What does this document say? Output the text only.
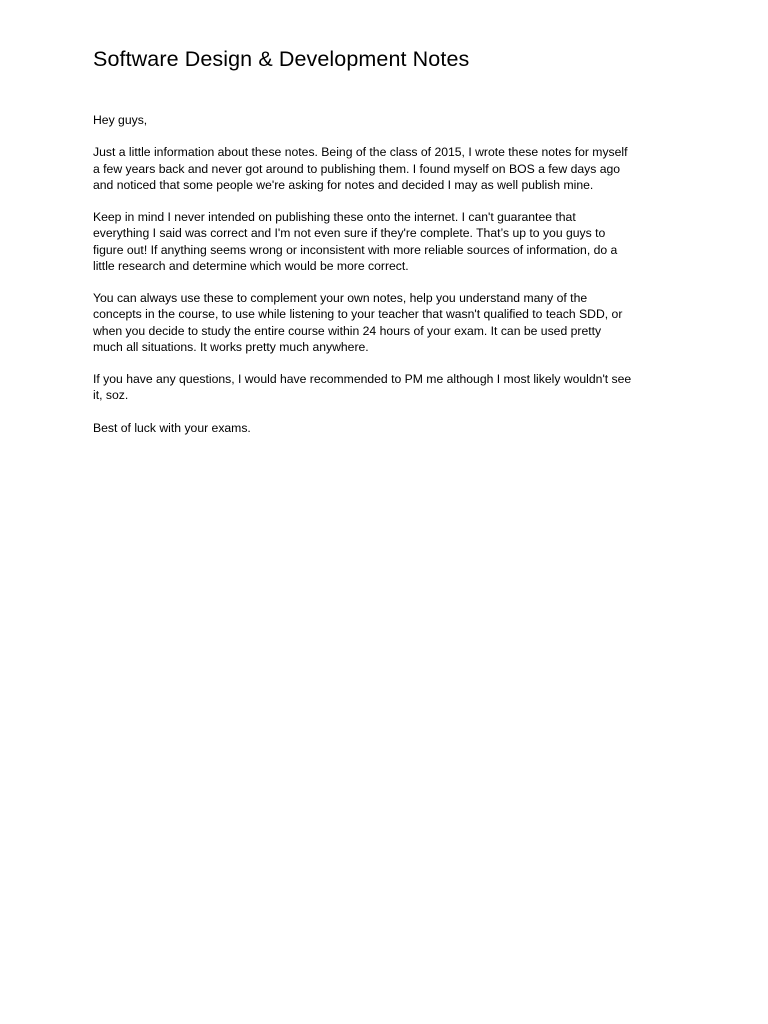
Software Design & Development Notes

Hey guys,

Just a little information about these notes. Being of the class of 2015, I wrote these notes for myself
a few years back and never got around to publishing them. I found myself on BOS a few days ago
and noticed that some people we're asking for notes and decided I may as well publish mine.

Keep in mind I never intended on publishing these onto the internet. I can't guarantee that
everything I said was correct and I'm not even sure if they're complete. That’s up to you guys to
figure out! If anything seems wrong or inconsistent with more reliable sources of information, do a
little research and determine which would be more correct.

You can always use these to complement your own notes, help you understand many of the
concepts in the course, to use while listening to your teacher that wasn't qualified to teach SDD, or
when you decide to study the entire course within 24 hours of your exam. It can be used pretty
much all situations. It works pretty much anywhere.

If you have any questions, I would have recommended to PM me although I most likely wouldn't see
it, soz.

Best of luck with your exams.
